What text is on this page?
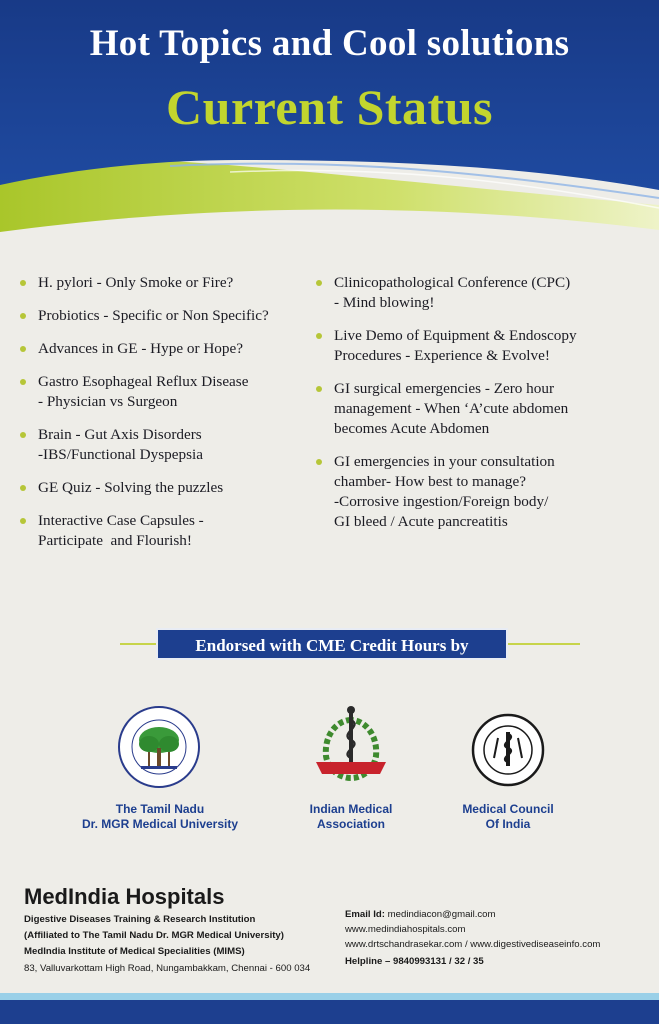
Hot Topics and Cool solutions
Current Status
H. pylori - Only Smoke or Fire?
Probiotics - Specific or Non Specific?
Advances in GE - Hype or Hope?
Gastro Esophageal Reflux Disease
- Physician vs Surgeon
Brain - Gut Axis Disorders
-IBS/Functional Dyspepsia
GE Quiz - Solving the puzzles
Interactive Case Capsules -
Participate  and Flourish!
Clinicopathological Conference (CPC)
- Mind blowing!
Live Demo of Equipment & Endoscopy
Procedures - Experience & Evolve!
GI surgical emergencies - Zero hour
management - When ‘A’cute abdomen
becomes Acute Abdomen
GI emergencies in your consultation
chamber- How best to manage?
-Corrosive ingestion/Foreign body/
GI bleed / Acute pancreatitis
Endorsed with CME Credit Hours by
The Tamil Nadu
Dr. MGR Medical University
Indian Medical
Association
Medical Council
Of India
MedIndia Hospitals
Digestive Diseases Training & Research Institution
(Affiliated to The Tamil Nadu Dr. MGR Medical University)
MedIndia Institute of Medical Specialities (MIMS)
83, Valluvarkottam High Road, Nungambakkam, Chennai - 600 034
Email Id: medindiacon@gmail.com
www.medindiahospitals.com
www.drtschandrasekar.com / www.digestivediseaseinfo.com
Helpline – 9840993131 / 32 / 35
